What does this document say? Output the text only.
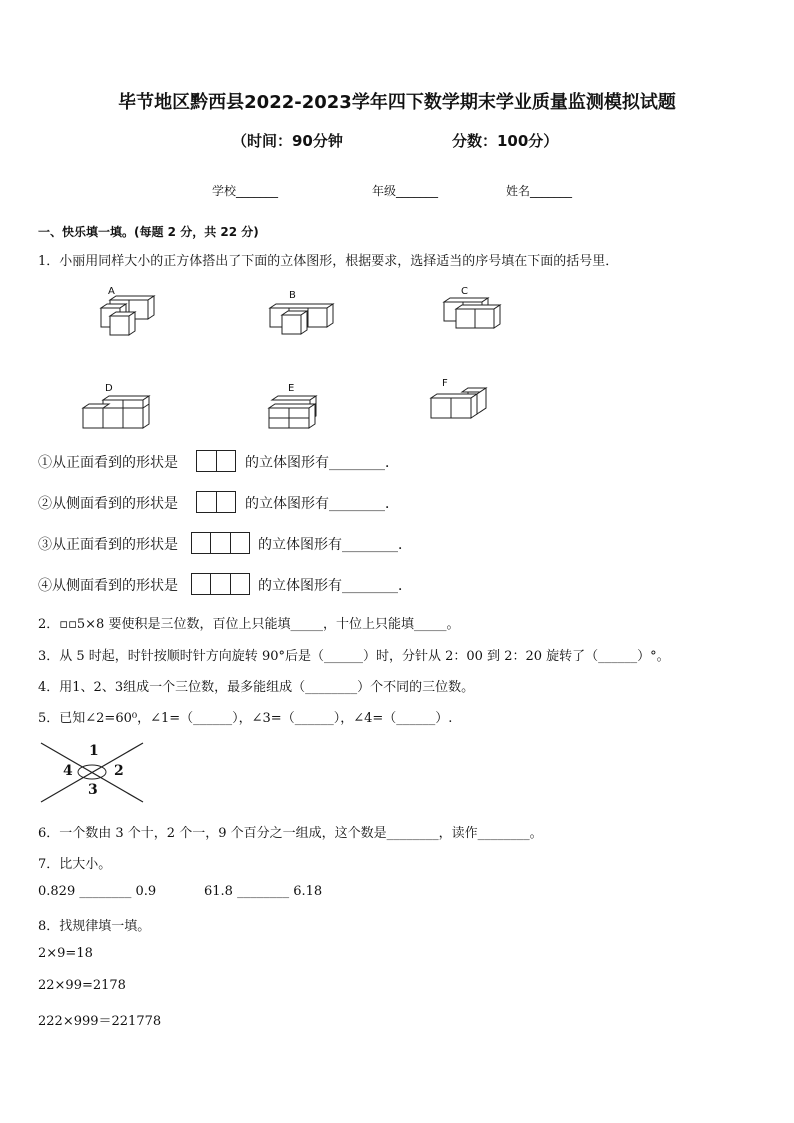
毕节地区黔西县2022-2023学年四下数学期末学业质量监测模拟试题
（时间：90分钟	分数：100分）
学校_______	年级_______	姓名_______
一、快乐填一填。(每题 2 分，共 22 分)
1．小丽用同样大小的正方体搭出了下面的立体图形，根据要求，选择适当的序号填在下面的括号里．
A	B	C
D	E	F
①从正面看到的形状是	的立体图形有________．
②从侧面看到的形状是	的立体图形有________．
③从正面看到的形状是	的立体图形有________．
④从侧面看到的形状是	的立体图形有________．
2．▫▫5×8 要使积是三位数，百位上只能填_____，十位上只能填_____。
3．从 5 时起，时针按顺时针方向旋转 90°后是（______）时，分针从 2：00 到 2：20 旋转了（______）°。
4．用1、2、3组成一个三位数，最多能组成（________）个不同的三位数。
5．已知∠2=60⁰，∠1=（______），∠3=（______），∠4=（______）.
1
2
3
4
6．一个数由 3 个十，2 个一，9 个百分之一组成，这个数是________，读作________。
7．比大小。
0.829 ________ 0.9	61.8 ________ 6.18
8．找规律填一填。
2×9=18
22×99=2178
222×999＝221778
